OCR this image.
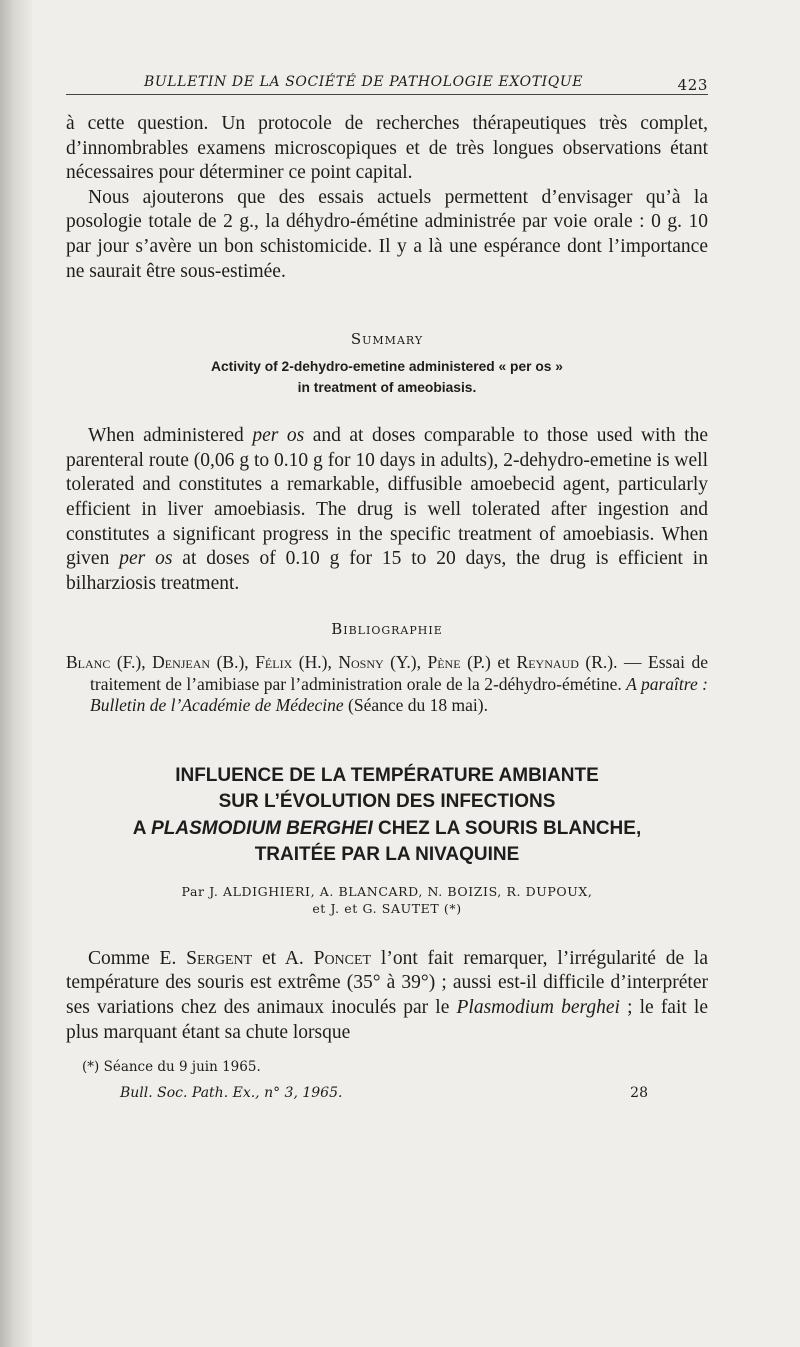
BULLETIN DE LA SOCIÉTÉ DE PATHOLOGIE EXOTIQUE	423

à cette question. Un protocole de recherches thérapeutiques très complet, d’innombrables examens microscopiques et de très longues observations étant nécessaires pour déterminer ce point capital.

Nous ajouterons que des essais actuels permettent d’envisager qu’à la posologie totale de 2 g., la déhydro-émétine administrée par voie orale : 0 g. 10 par jour s’avère un bon schistomicide. Il y a là une espérance dont l’importance ne saurait être sous-estimée.

Summary
Activity of 2-dehydro-emetine administered « per os »
in treatment of ameobiasis.

When administered per os and at doses comparable to those used with the parenteral route (0,06 g to 0.10 g for 10 days in adults), 2-dehydro-emetine is well tolerated and constitutes a remarkable, diffusible amoebecid agent, particularly efficient in liver amoebiasis. The drug is well tolerated after ingestion and constitutes a significant progress in the specific treatment of amoebiasis. When given per os at doses of 0.10 g for 15 to 20 days, the drug is efficient in bilharziosis treatment.

Bibliographie

Blanc (F.), Denjean (B.), Félix (H.), Nosny (Y.), Pène (P.) et Reynaud (R.). — Essai de traitement de l’amibiase par l’administration orale de la 2-déhydro-émétine. A paraître : Bulletin de l’Académie de Médecine (Séance du 18 mai).

INFLUENCE DE LA TEMPÉRATURE AMBIANTE
SUR L’ÉVOLUTION DES INFECTIONS
A PLASMODIUM BERGHEI CHEZ LA SOURIS BLANCHE,
TRAITÉE PAR LA NIVAQUINE
Par J. ALDIGHIERI, A. BLANCARD, N. BOIZIS, R. DUPOUX,
et J. et G. SAUTET (*)

Comme E. Sergent et A. Poncet l’ont fait remarquer, l’irrégularité de la température des souris est extrême (35° à 39°) ; aussi est-il difficile d’interpréter ses variations chez des animaux inoculés par le Plasmodium berghei ; le fait le plus marquant étant sa chute lorsque

(*) Séance du 9 juin 1965.

Bull. Soc. Path. Ex., n° 3, 1965.	28
